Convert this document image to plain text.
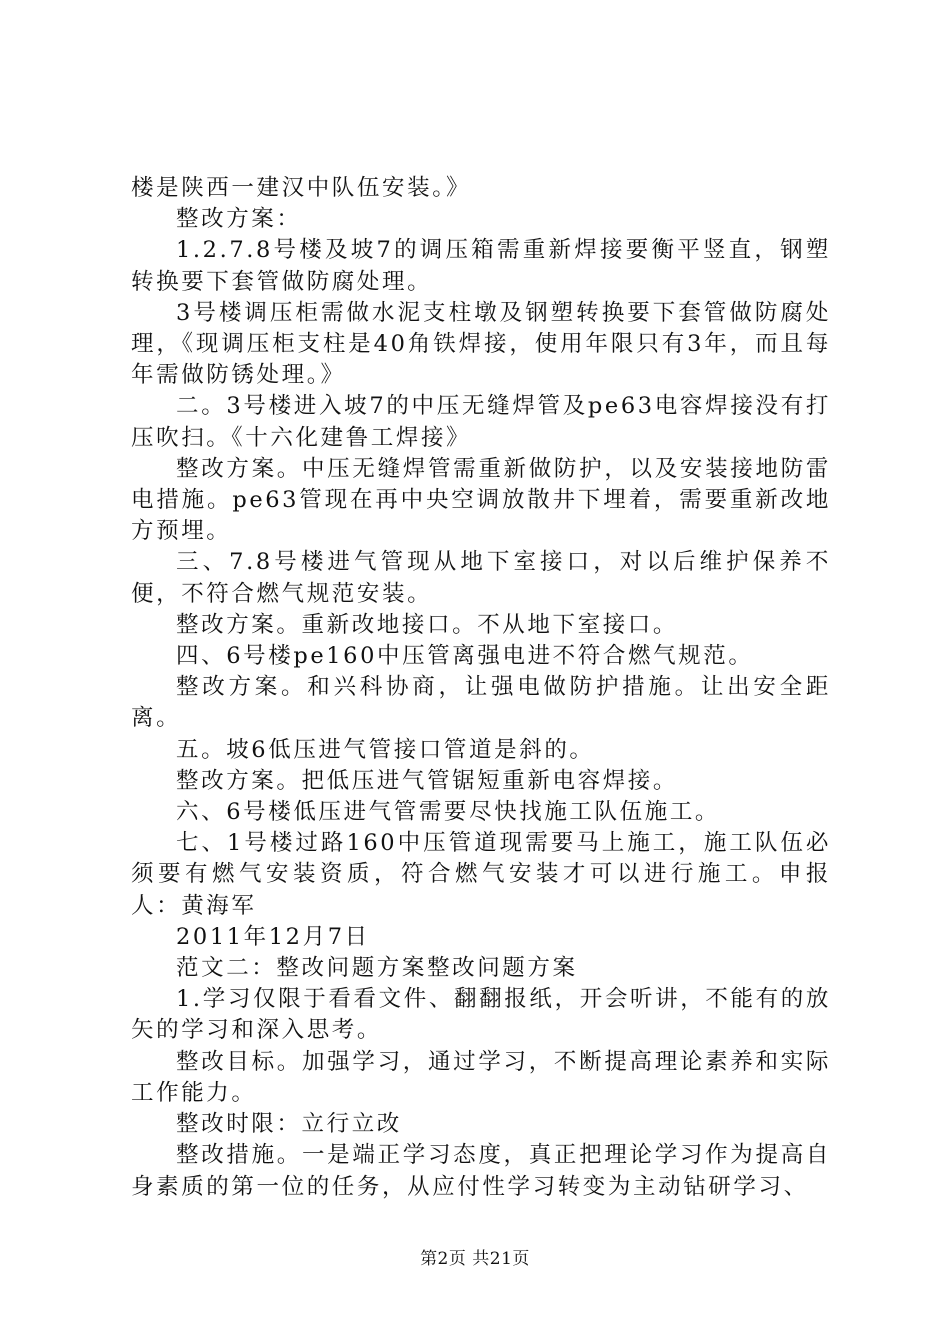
楼是陕西一建汉中队伍安装。》

整改方案：

1.2.7.8号楼及坡7的调压箱需重新焊接要衡平竖直，钢塑转换要下套管做防腐处理。

3号楼调压柜需做水泥支柱墩及钢塑转换要下套管做防腐处理，《现调压柜支柱是40角铁焊接，使用年限只有3年，而且每年需做防锈处理。》

二。3号楼进入坡7的中压无缝焊管及pe63电容焊接没有打压吹扫。《十六化建鲁工焊接》

整改方案。中压无缝焊管需重新做防护，以及安装接地防雷电措施。pe63管现在再中央空调放散井下埋着，需要重新改地方预埋。

三、7.8号楼进气管现从地下室接口，对以后维护保养不便，不符合燃气规范安装。

整改方案。重新改地接口。不从地下室接口。

四、6号楼pe160中压管离强电进不符合燃气规范。

整改方案。和兴科协商，让强电做防护措施。让出安全距离。

五。坡6低压进气管接口管道是斜的。

整改方案。把低压进气管锯短重新电容焊接。

六、6号楼低压进气管需要尽快找施工队伍施工。

七、1号楼过路160中压管道现需要马上施工，施工队伍必须要有燃气安装资质，符合燃气安装才可以进行施工。申报人：黄海军

2011年12月7日

范文二：整改问题方案整改问题方案

1.学习仅限于看看文件、翻翻报纸，开会听讲，不能有的放矢的学习和深入思考。

整改目标。加强学习，通过学习，不断提高理论素养和实际工作能力。

整改时限：立行立改

整改措施。一是端正学习态度，真正把理论学习作为提高自身素质的第一位的任务，从应付性学习转变为主动钻研学习、

第2页 共21页
